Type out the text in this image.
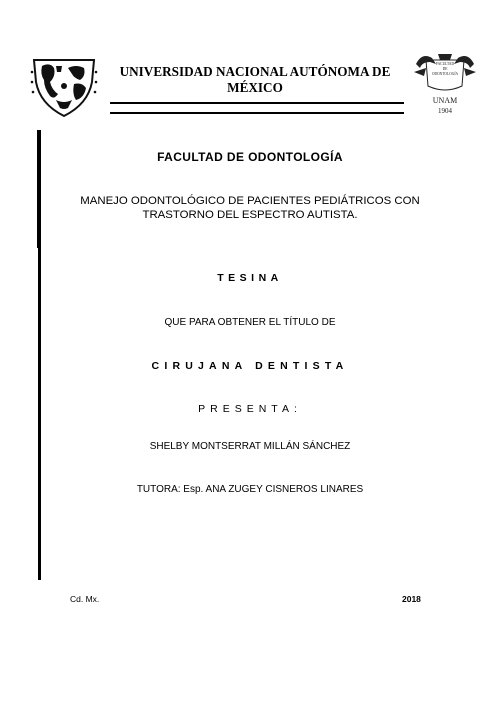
UNIVERSIDAD NACIONAL AUTÓNOMA DE MÉXICO
FACULTAD
DE
ODONTOLOGÍA
UNAM
1904
FACULTAD DE ODONTOLOGÍA
MANEJO ODONTOLÓGICO DE PACIENTES PEDIÁTRICOS CON TRASTORNO DEL ESPECTRO AUTISTA.
TESINA
QUE PARA OBTENER EL TÍTULO DE
CIRUJANA DENTISTA
PRESENTA:
SHELBY MONTSERRAT MILLÁN SÁNCHEZ
TUTORA: Esp. ANA ZUGEY CISNEROS LINARES
Cd. Mx.	2018
